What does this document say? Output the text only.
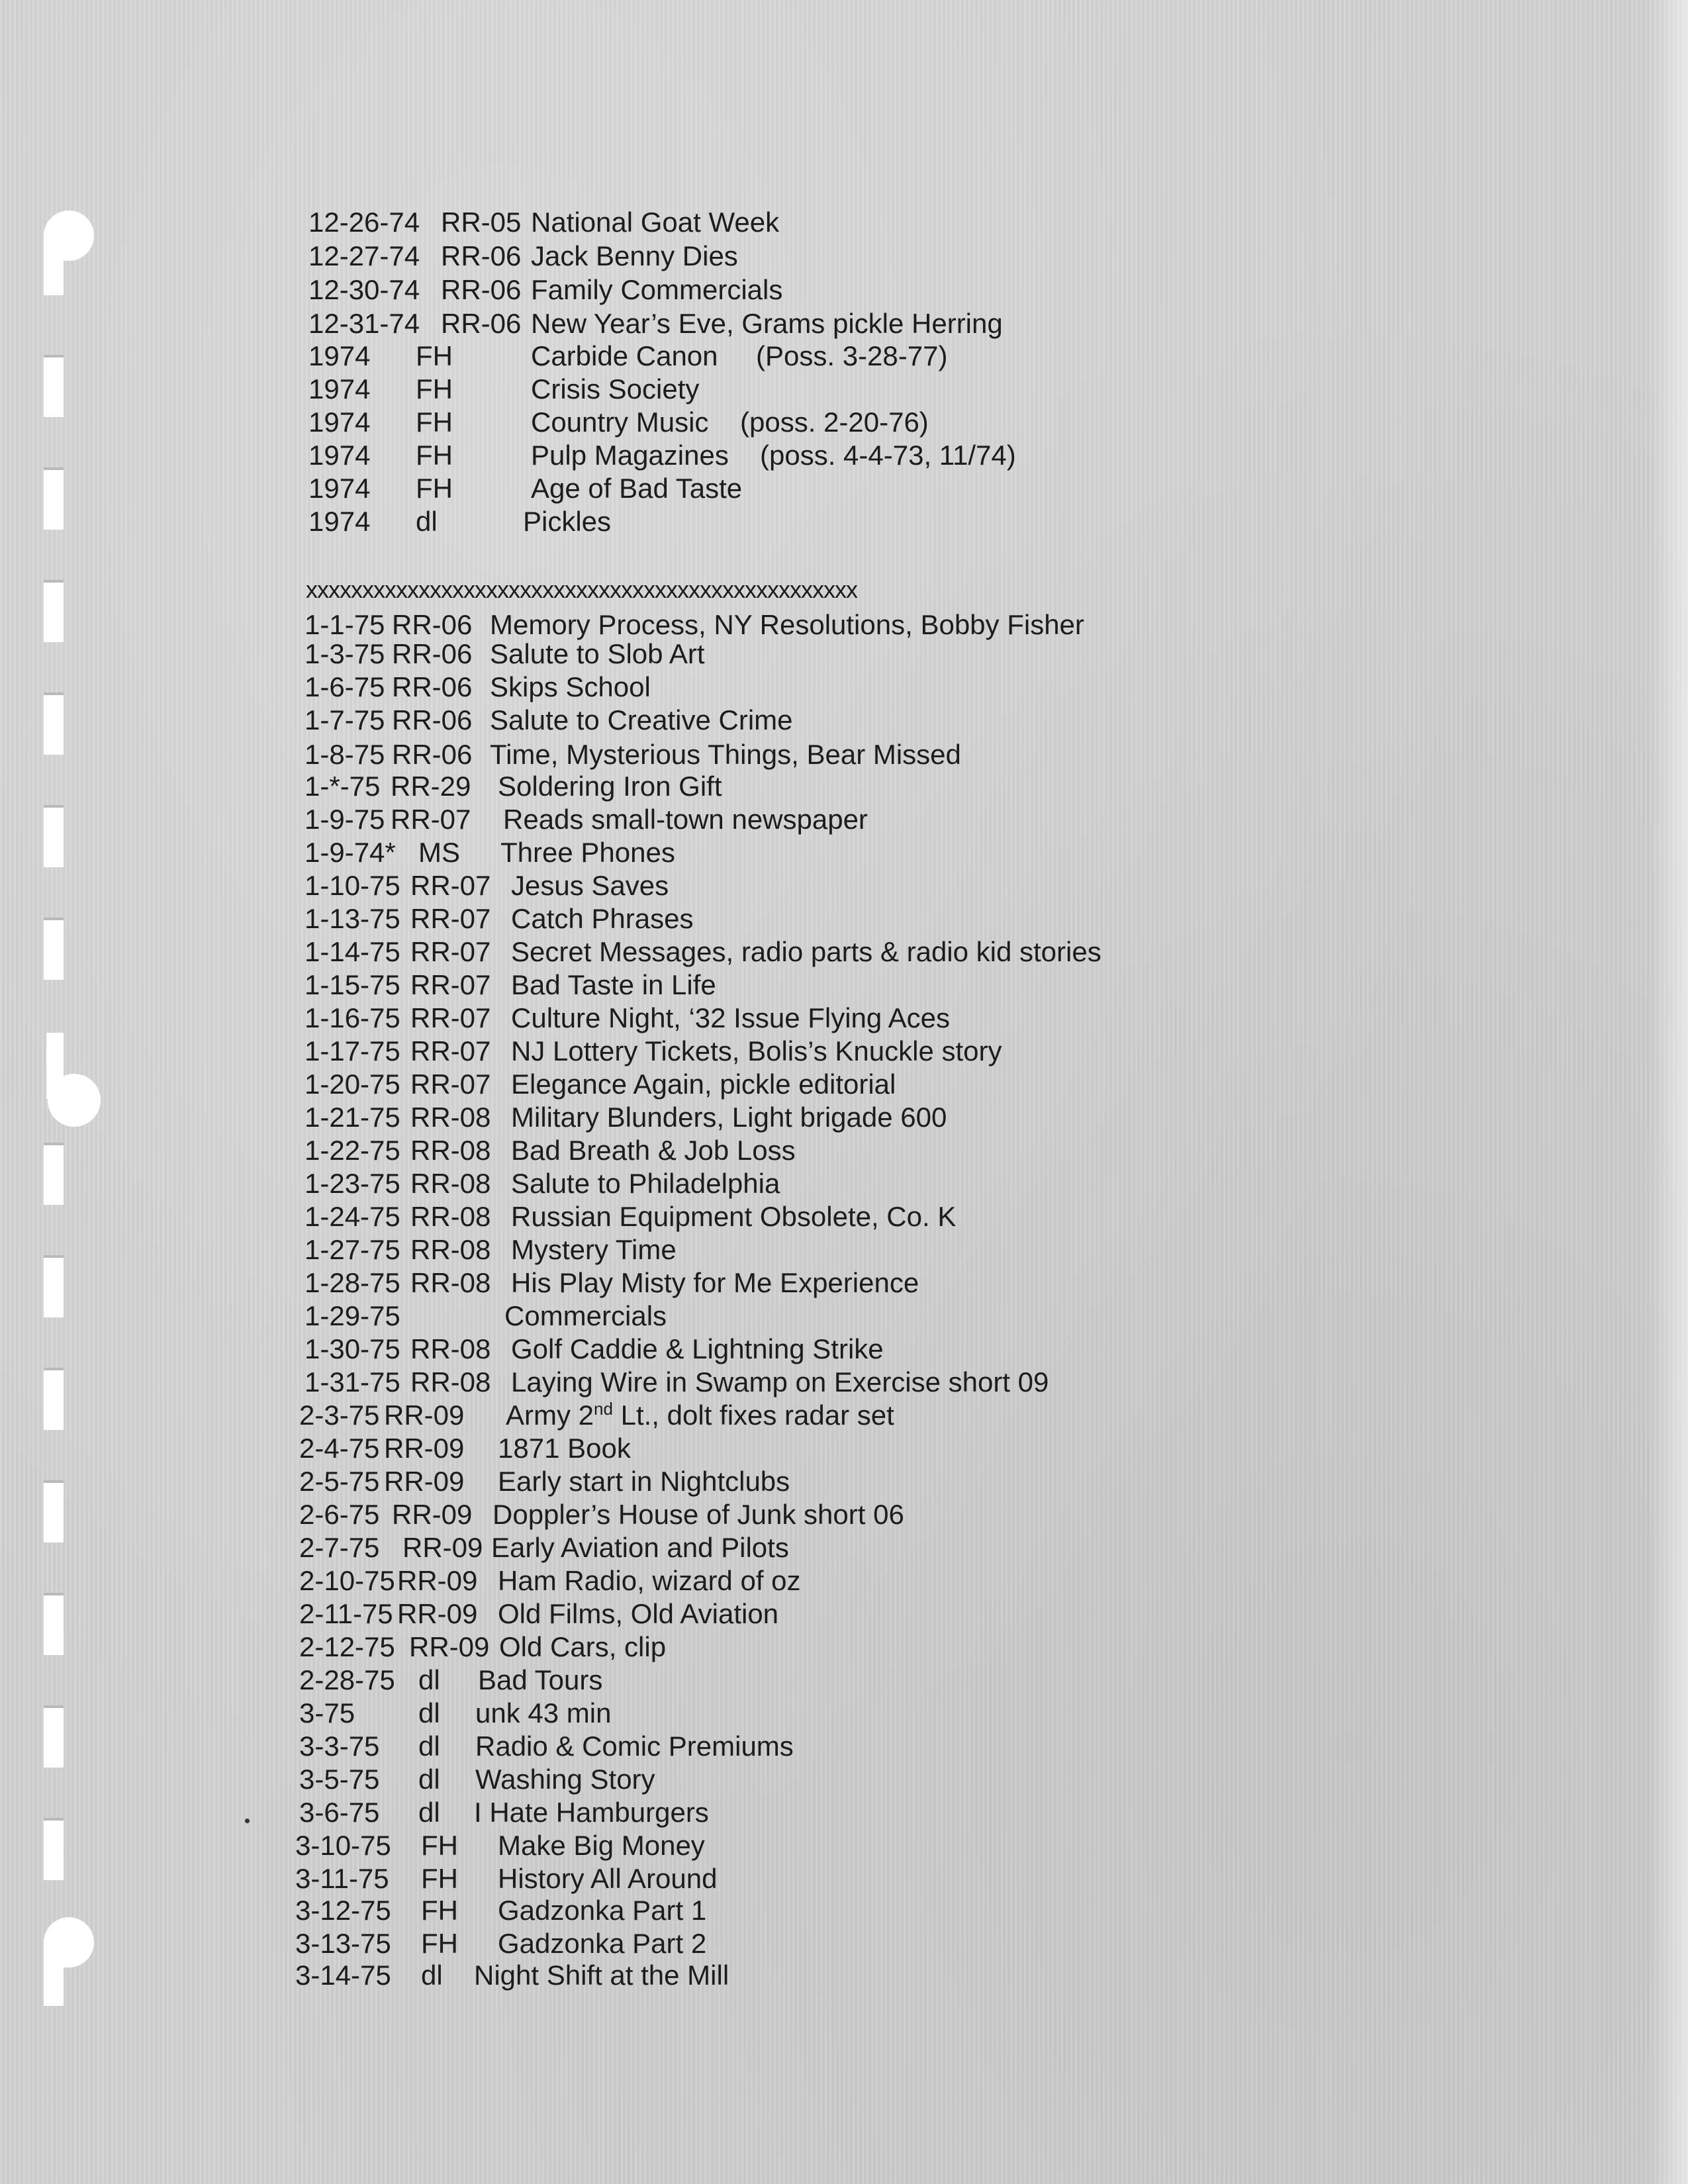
12-26-74 RR-05 National Goat Week
12-27-74 RR-06 Jack Benny Dies
12-30-74 RR-06 Family Commercials
12-31-74 RR-06 New Year’s Eve, Grams pickle Herring
1974 FH	Carbide Canon (Poss. 3-28-77)
1974 FH	Crisis Society
1974 FH	Country Music (poss. 2-20-76)
1974 FH	Pulp Magazines (poss. 4-4-73, 11/74)
1974 FH	Age of Bad Taste
1974 dl	Pickles
xxxxxxxxxxxxxxxxxxxxxxxxxxxxxxxxxxxxxxxxxxxxxxxxx
1-1-75 RR-06 Memory Process, NY Resolutions, Bobby Fisher
1-3-75 RR-06 Salute to Slob Art
1-6-75 RR-06 Skips School
1-7-75 RR-06 Salute to Creative Crime
1-8-75 RR-06 Time, Mysterious Things, Bear Missed
1-*-75 RR-29 Soldering Iron Gift
1-9-75 RR-07 Reads small-town newspaper
1-9-74* MS Three Phones
1-10-75 RR-07 Jesus Saves
1-13-75 RR-07 Catch Phrases
1-14-75 RR-07 Secret Messages, radio parts & radio kid stories
1-15-75 RR-07 Bad Taste in Life
1-16-75 RR-07 Culture Night, ‘32 Issue Flying Aces
1-17-75 RR-07 NJ Lottery Tickets, Bolis’s Knuckle story
1-20-75 RR-07 Elegance Again, pickle editorial
1-21-75 RR-08 Military Blunders, Light brigade 600
1-22-75 RR-08 Bad Breath & Job Loss
1-23-75 RR-08 Salute to Philadelphia
1-24-75 RR-08 Russian Equipment Obsolete, Co. K
1-27-75 RR-08 Mystery Time
1-28-75 RR-08 His Play Misty for Me Experience
1-29-75	Commercials
1-30-75 RR-08 Golf Caddie & Lightning Strike
1-31-75 RR-08 Laying Wire in Swamp on Exercise short 09
2-3-75 RR-09 Army 2nd Lt., dolt fixes radar set
2-4-75 RR-09 1871 Book
2-5-75 RR-09 Early start in Nightclubs
2-6-75 RR-09 Doppler’s House of Junk short 06
2-7-75 RR-09 Early Aviation and Pilots
2-10-75 RR-09 Ham Radio, wizard of oz
2-11-75 RR-09 Old Films, Old Aviation
2-12-75 RR-09 Old Cars, clip
2-28-75 dl Bad Tours
3-75 dl unk 43 min
3-3-75 dl Radio & Comic Premiums
3-5-75 dl Washing Story
3-6-75 dl I Hate Hamburgers
3-10-75 FH Make Big Money
3-11-75 FH History All Around
3-12-75 FH Gadzonka Part 1
3-13-75 FH Gadzonka Part 2
3-14-75 dl Night Shift at the Mill
